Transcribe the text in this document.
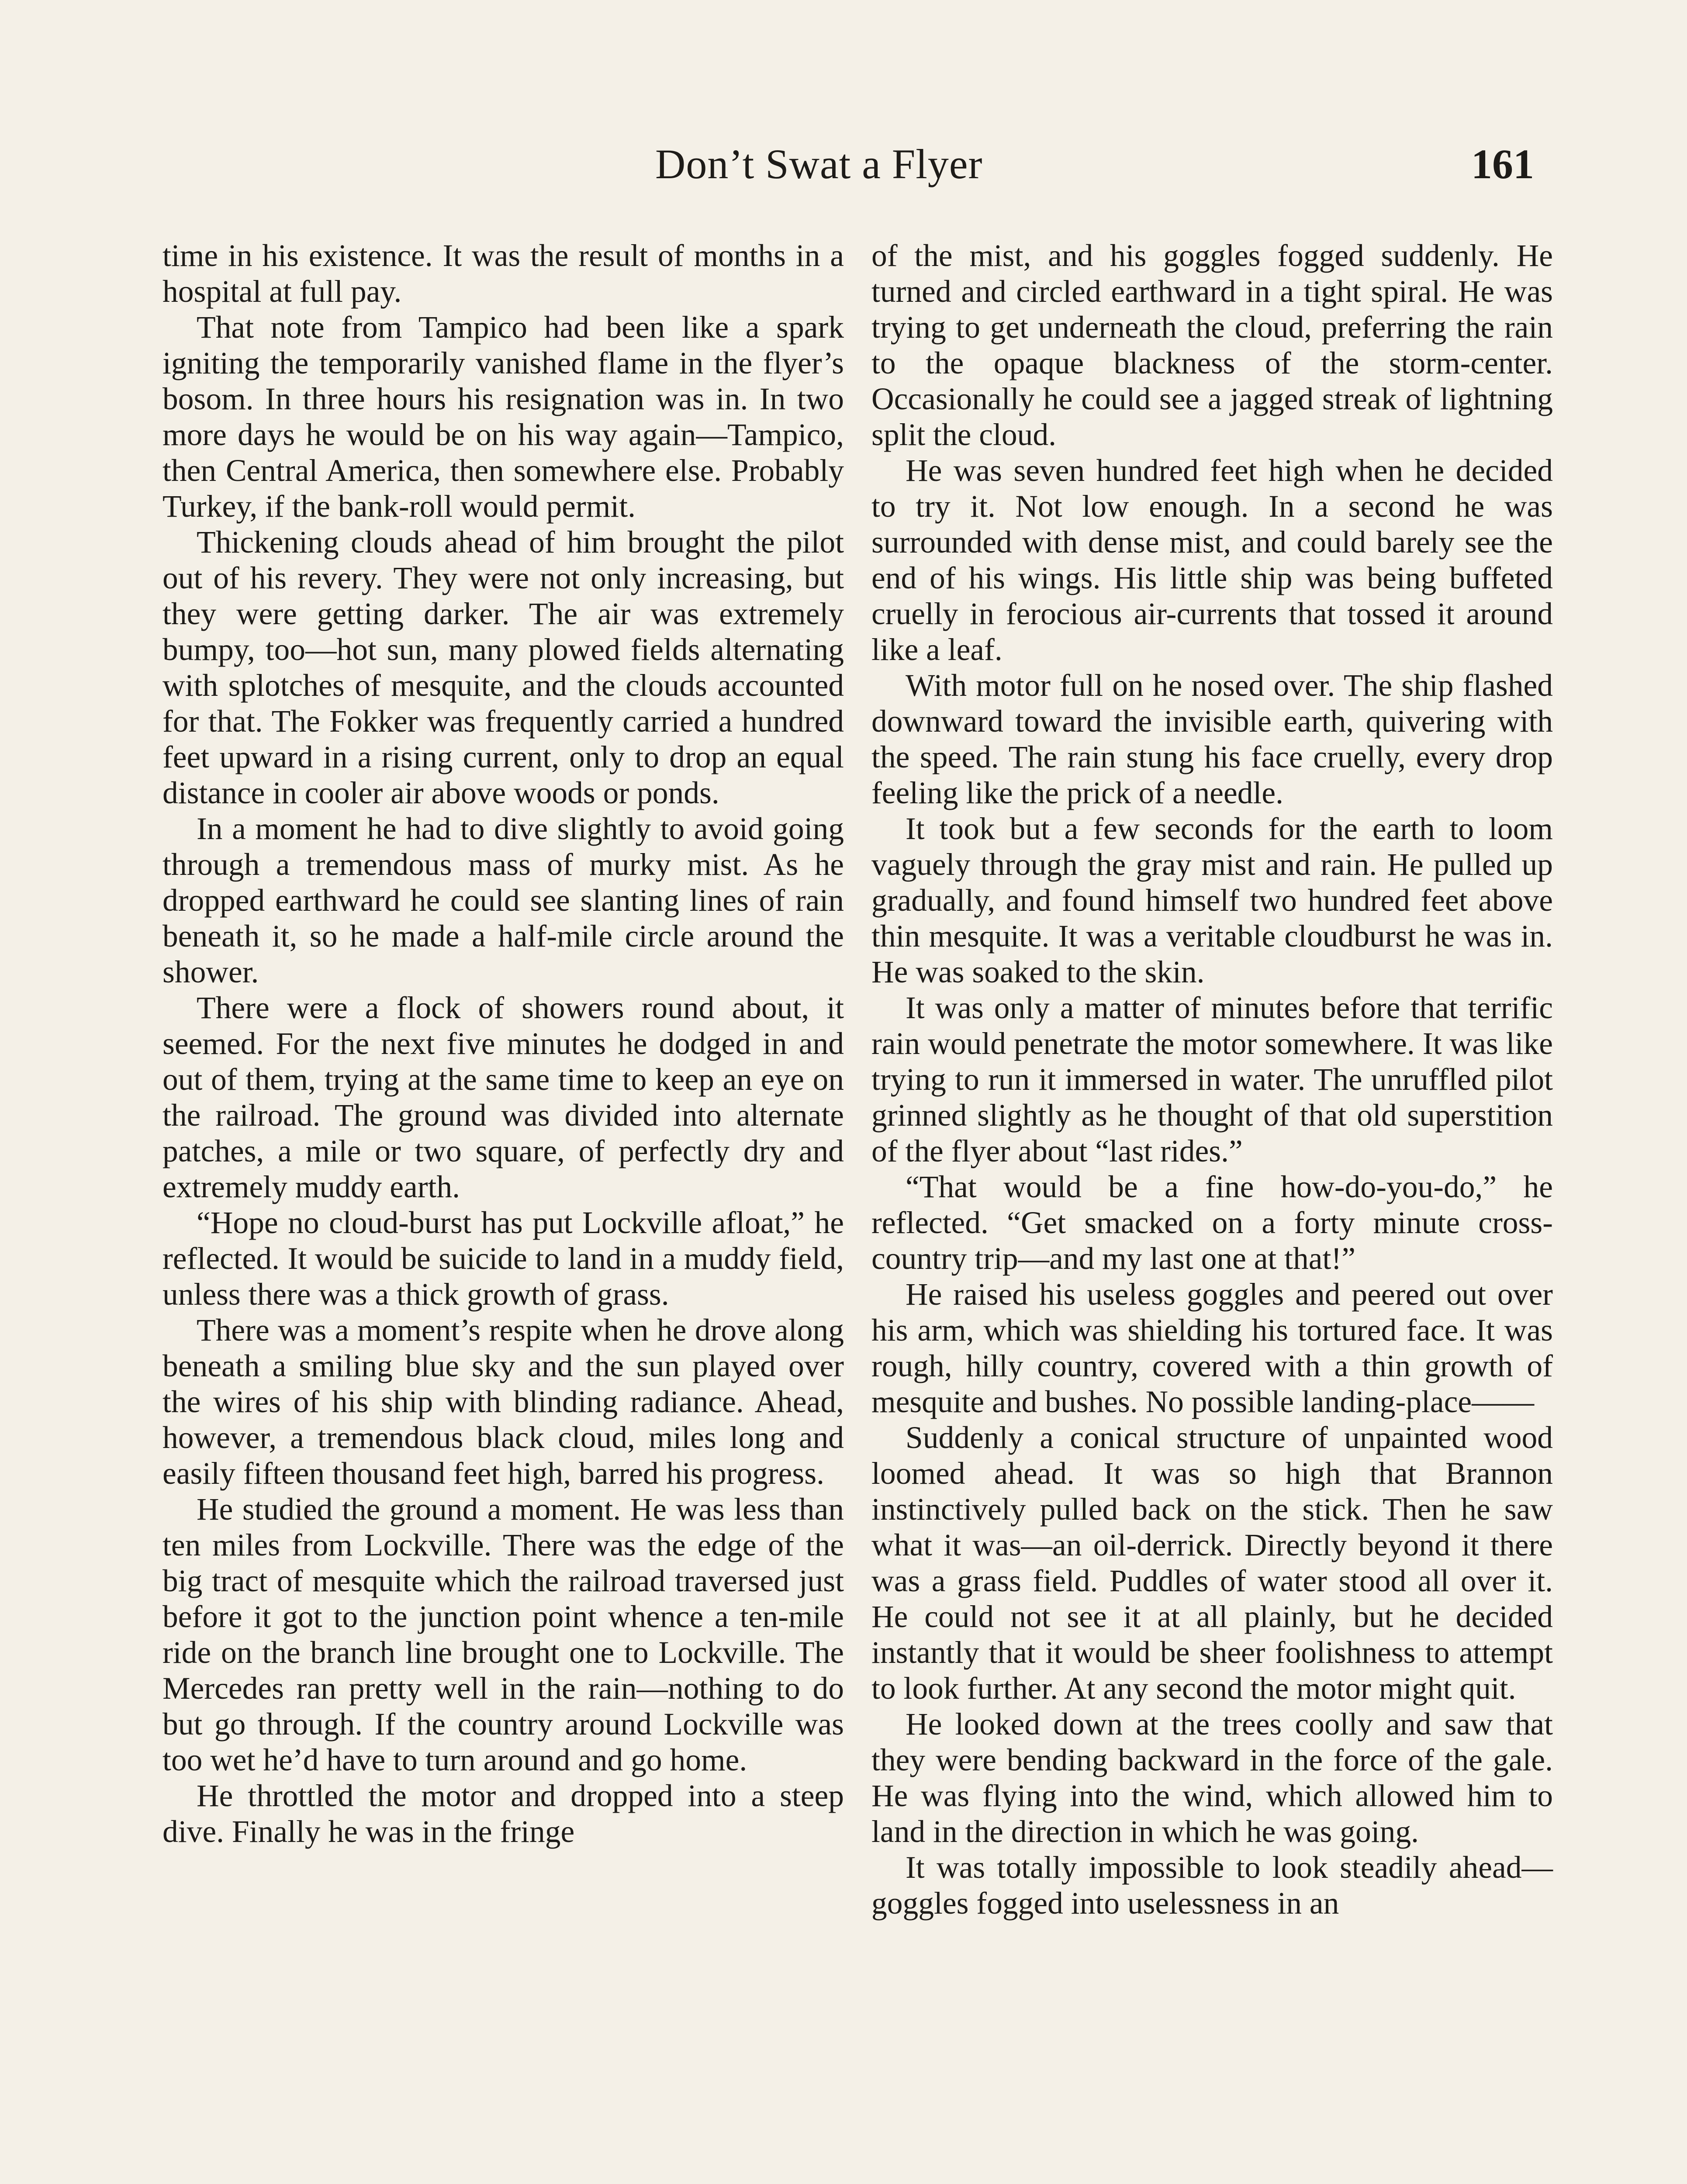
Don’t Swat a Flyer	161

time in his existence. It was the result of months in a hospital at full pay.

That note from Tampico had been like a spark igniting the temporarily vanished flame in the flyer’s bosom. In three hours his resignation was in. In two more days he would be on his way again—Tampico, then Central America, then somewhere else. Probably Turkey, if the bank-roll would permit.

Thickening clouds ahead of him brought the pilot out of his revery. They were not only increasing, but they were getting darker. The air was extremely bumpy, too—hot sun, many plowed fields alternating with splotches of mesquite, and the clouds accounted for that. The Fokker was frequently carried a hundred feet upward in a rising current, only to drop an equal distance in cooler air above woods or ponds.

In a moment he had to dive slightly to avoid going through a tremendous mass of murky mist. As he dropped earthward he could see slanting lines of rain beneath it, so he made a half-mile circle around the shower.

There were a flock of showers round about, it seemed. For the next five minutes he dodged in and out of them, trying at the same time to keep an eye on the railroad. The ground was divided into alternate patches, a mile or two square, of perfectly dry and extremely muddy earth.

“Hope no cloud-burst has put Lockville afloat,” he reflected. It would be suicide to land in a muddy field, unless there was a thick growth of grass.

There was a moment’s respite when he drove along beneath a smiling blue sky and the sun played over the wires of his ship with blinding radiance. Ahead, however, a tremendous black cloud, miles long and easily fifteen thousand feet high, barred his progress.

He studied the ground a moment. He was less than ten miles from Lockville. There was the edge of the big tract of mesquite which the railroad traversed just before it got to the junction point whence a ten-mile ride on the branch line brought one to Lockville. The Mercedes ran pretty well in the rain—nothing to do but go through. If the country around Lockville was too wet he’d have to turn around and go home.

He throttled the motor and dropped into a steep dive. Finally he was in the fringe

of the mist, and his goggles fogged suddenly. He turned and circled earthward in a tight spiral. He was trying to get underneath the cloud, preferring the rain to the opaque blackness of the storm-center. Occasionally he could see a jagged streak of lightning split the cloud.

He was seven hundred feet high when he decided to try it. Not low enough. In a second he was surrounded with dense mist, and could barely see the end of his wings. His little ship was being buffeted cruelly in ferocious air-currents that tossed it around like a leaf.

With motor full on he nosed over. The ship flashed downward toward the invisible earth, quivering with the speed. The rain stung his face cruelly, every drop feeling like the prick of a needle.

It took but a few seconds for the earth to loom vaguely through the gray mist and rain. He pulled up gradually, and found himself two hundred feet above thin mesquite. It was a veritable cloudburst he was in. He was soaked to the skin.

It was only a matter of minutes before that terrific rain would penetrate the motor somewhere. It was like trying to run it immersed in water. The unruffled pilot grinned slightly as he thought of that old superstition of the flyer about “last rides.”

“That would be a fine how-do-you-do,” he reflected. “Get smacked on a forty minute cross-country trip—and my last one at that!”

He raised his useless goggles and peered out over his arm, which was shielding his tortured face. It was rough, hilly country, covered with a thin growth of mesquite and bushes. No possible landing-place——

Suddenly a conical structure of unpainted wood loomed ahead. It was so high that Brannon instinctively pulled back on the stick. Then he saw what it was—an oil-derrick. Directly beyond it there was a grass field. Puddles of water stood all over it. He could not see it at all plainly, but he decided instantly that it would be sheer foolishness to attempt to look further. At any second the motor might quit.

He looked down at the trees coolly and saw that they were bending backward in the force of the gale. He was flying into the wind, which allowed him to land in the direction in which he was going.

It was totally impossible to look steadily ahead—goggles fogged into uselessness in an
